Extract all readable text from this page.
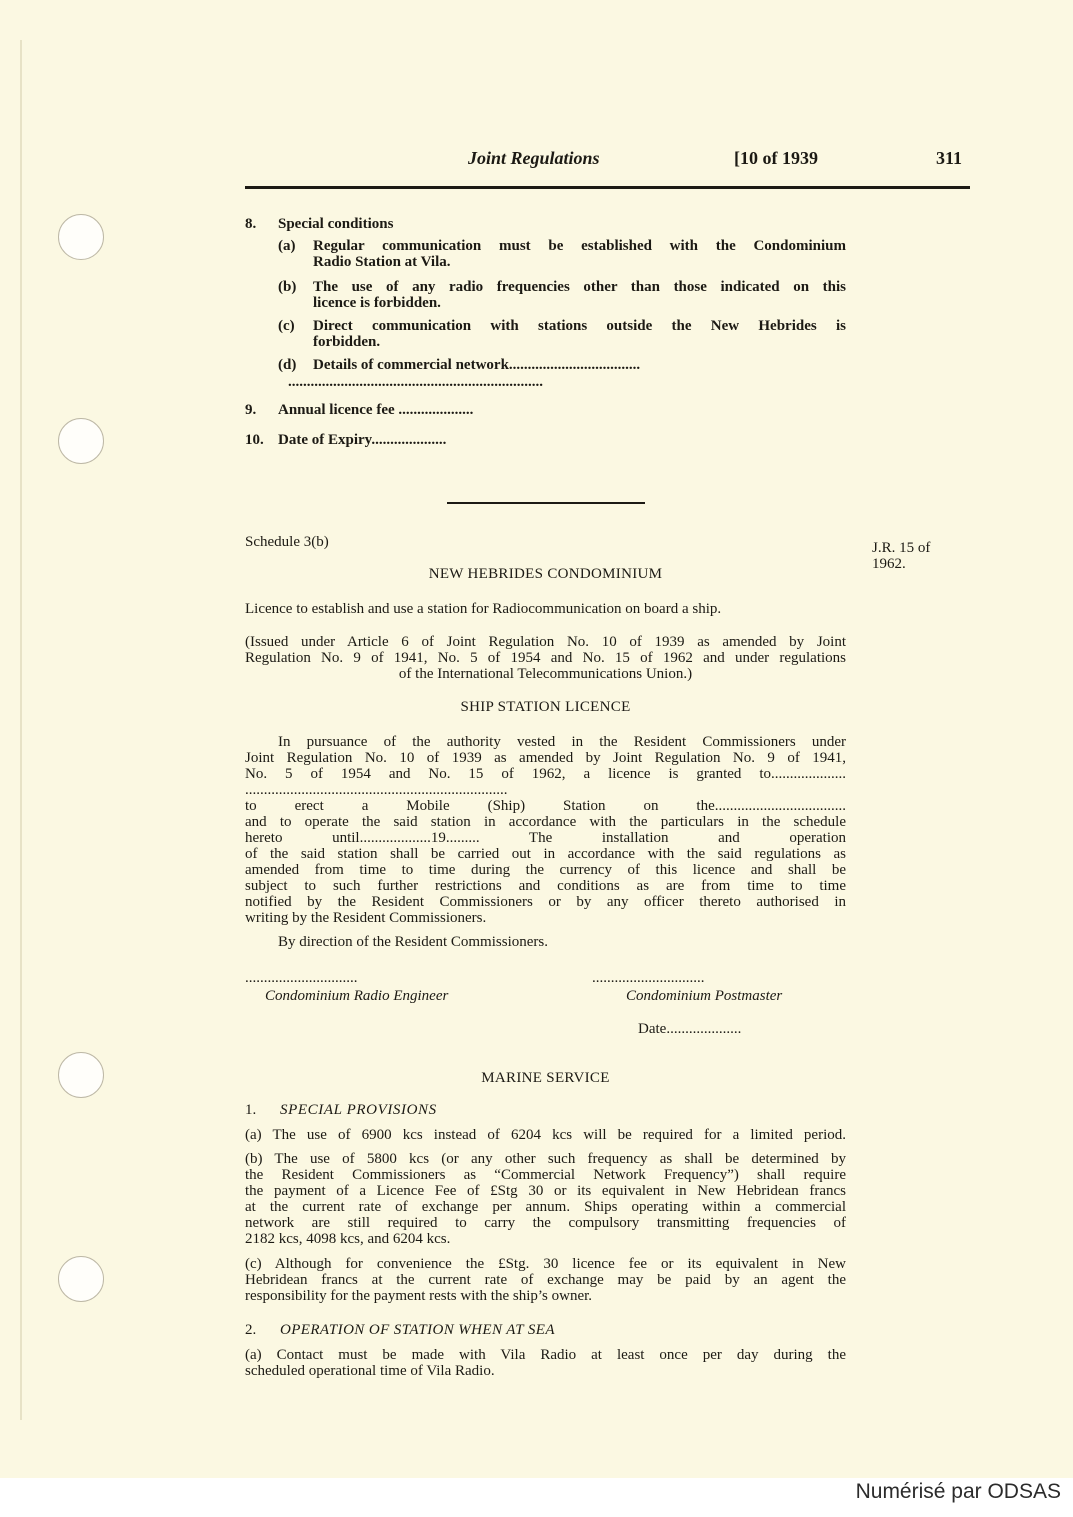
Joint Regulations	[10 of 1939	311
8. Special conditions
(a) Regular communication must be established with the Condominium
Radio Station at Vila.
(b) The use of any radio frequencies other than those indicated on this
licence is forbidden.
(c) Direct communication with stations outside the New Hebrides is
forbidden.
(d) Details of commercial network...................................
....................................................................
9. Annual licence fee ....................
10. Date of Expiry....................
Schedule 3(b)	J.R. 15 of
1962.
NEW HEBRIDES CONDOMINIUM
Licence to establish and use a station for Radiocommunication on board a ship.
(Issued under Article 6 of Joint Regulation No. 10 of 1939 as amended by Joint
Regulation No. 9 of 1941, No. 5 of 1954 and No. 15 of 1962 and under regulations
of the International Telecommunications Union.)
SHIP STATION LICENCE
In pursuance of the authority vested in the Resident Commissioners under
Joint Regulation No. 10 of 1939 as amended by Joint Regulation No. 9 of 1941,
No. 5 of 1954 and No. 15 of 1962, a licence is granted to....................
......................................................................
to erect a Mobile (Ship) Station on the...................................
and to operate the said station in accordance with the particulars in the schedule
hereto until...................19......... The installation and operation
of the said station shall be carried out in accordance with the said regulations as
amended from time to time during the currency of this licence and shall be
subject to such further restrictions and conditions as are from time to time
notified by the Resident Commissioners or by any officer thereto authorised in
writing by the Resident Commissioners.
By direction of the Resident Commissioners.
..............................	..............................
Condominium Radio Engineer	Condominium Postmaster
Date....................
MARINE SERVICE
1. SPECIAL PROVISIONS
(a) The use of 6900 kcs instead of 6204 kcs will be required for a limited period.
(b) The use of 5800 kcs (or any other such frequency as shall be determined by
the Resident Commissioners as “Commercial Network Frequency”) shall require
the payment of a Licence Fee of £Stg 30 or its equivalent in New Hebridean francs
at the current rate of exchange per annum. Ships operating within a commercial
network are still required to carry the compulsory transmitting frequencies of
2182 kcs, 4098 kcs, and 6204 kcs.
(c) Although for convenience the £Stg. 30 licence fee or its equivalent in New
Hebridean francs at the current rate of exchange may be paid by an agent the
responsibility for the payment rests with the ship’s owner.
2. OPERATION OF STATION WHEN AT SEA
(a) Contact must be made with Vila Radio at least once per day during the
scheduled operational time of Vila Radio.
Numérisé par ODSAS
